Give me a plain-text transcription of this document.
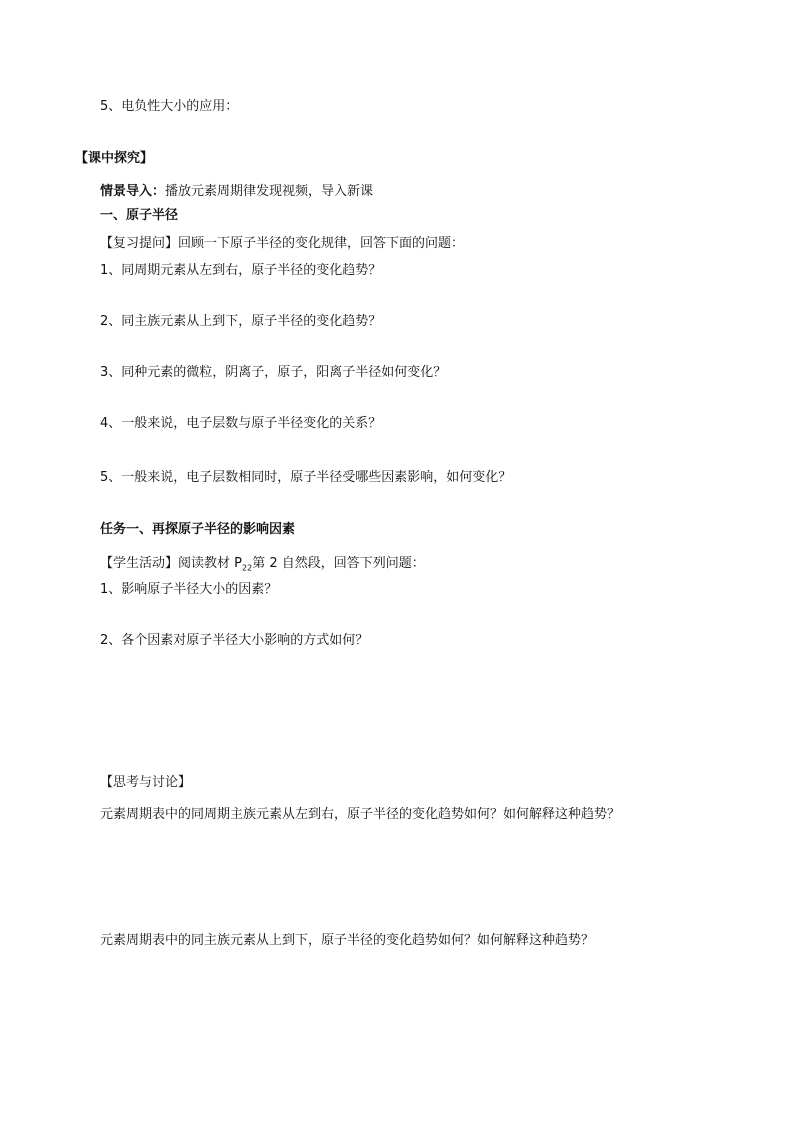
5、电负性大小的应用：
【课中探究】
情景导入：播放元素周期律发现视频，导入新课
一、原子半径
【复习提问】回顾一下原子半径的变化规律，回答下面的问题：
1、同周期元素从左到右，原子半径的变化趋势？
2、同主族元素从上到下，原子半径的变化趋势？
3、同种元素的微粒，阴离子，原子，阳离子半径如何变化？
4、一般来说，电子层数与原子半径变化的关系？
5、一般来说，电子层数相同时，原子半径受哪些因素影响，如何变化？
任务一、再探原子半径的影响因素
【学生活动】阅读教材 $P_{22}$第 2 自然段，回答下列问题：
1、影响原子半径大小的因素？
2、各个因素对原子半径大小影响的方式如何？
【思考与讨论】
元素周期表中的同周期主族元素从左到右，原子半径的变化趋势如何？如何解释这种趋势？
元素周期表中的同主族元素从上到下，原子半径的变化趋势如何？如何解释这种趋势？
